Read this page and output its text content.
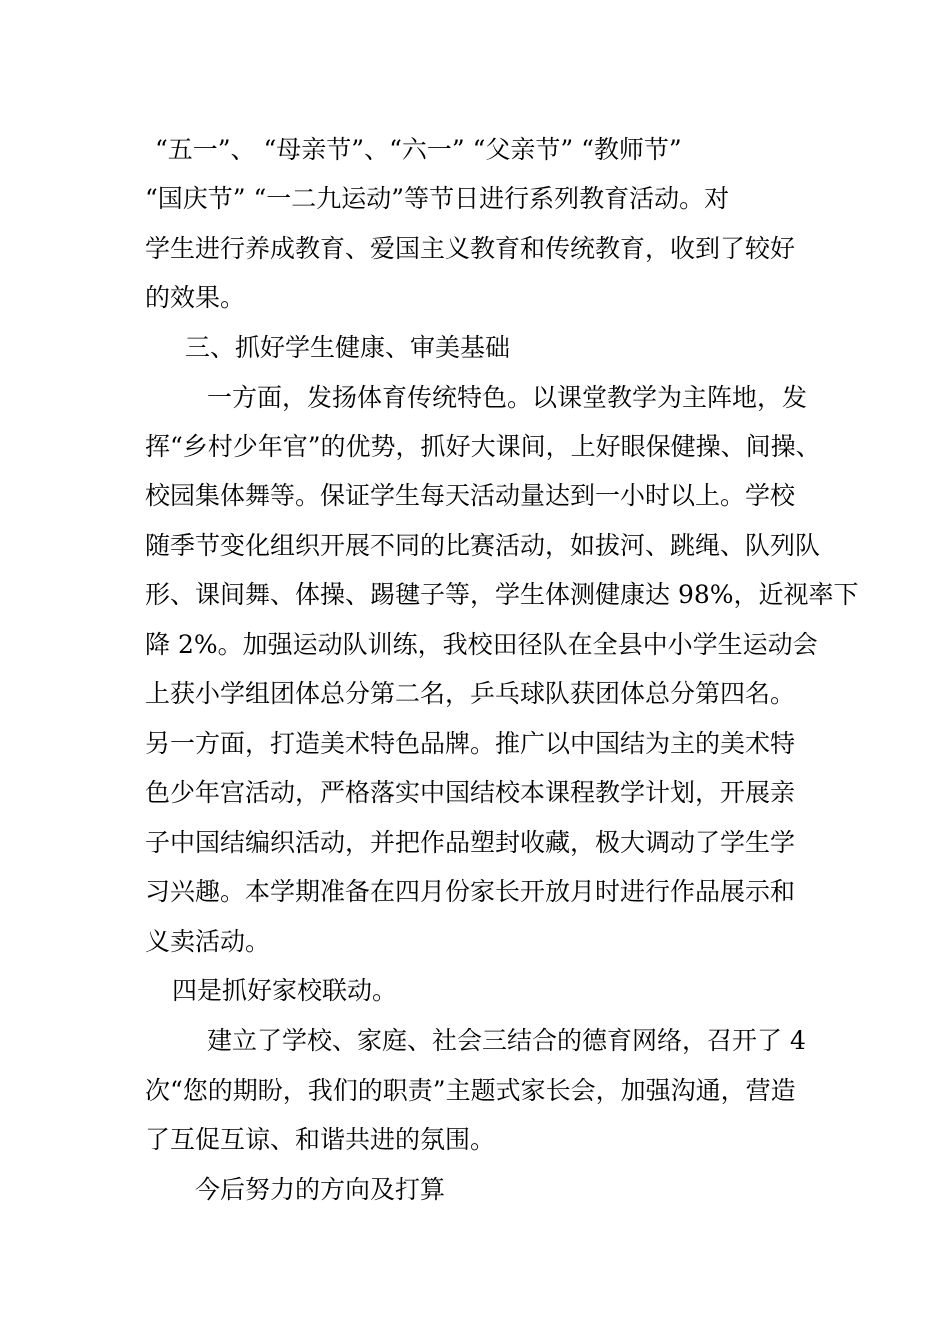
“五一”、 “母亲节”、“六一” “父亲节” “教师节”
“国庆节” “一二九运动”等节日进行系列教育活动。对
学生进行养成教育、爱国主义教育和传统教育，收到了较好
的效果。
三、抓好学生健康、审美基础
一方面，发扬体育传统特色。以课堂教学为主阵地，发
挥“乡村少年官”的优势，抓好大课间，上好眼保健操、间操、
校园集体舞等。保证学生每天活动量达到一小时以上。学校
随季节变化组织开展不同的比赛活动，如拔河、跳绳、队列队
形、课间舞、体操、踢毽子等，学生体测健康达 98%，近视率下
降 2%。加强运动队训练，我校田径队在全县中小学生运动会
上获小学组团体总分第二名，乒乓球队获团体总分第四名。
另一方面，打造美术特色品牌。推广以中国结为主的美术特
色少年宫活动，严格落实中国结校本课程教学计划，开展亲
子中国结编织活动，并把作品塑封收藏，极大调动了学生学
习兴趣。本学期准备在四月份家长开放月时进行作品展示和
义卖活动。
四是抓好家校联动。
建立了学校、家庭、社会三结合的德育网络，召开了 4
次“您的期盼，我们的职责”主题式家长会，加强沟通，营造
了互促互谅、和谐共进的氛围。
今后努力的方向及打算
